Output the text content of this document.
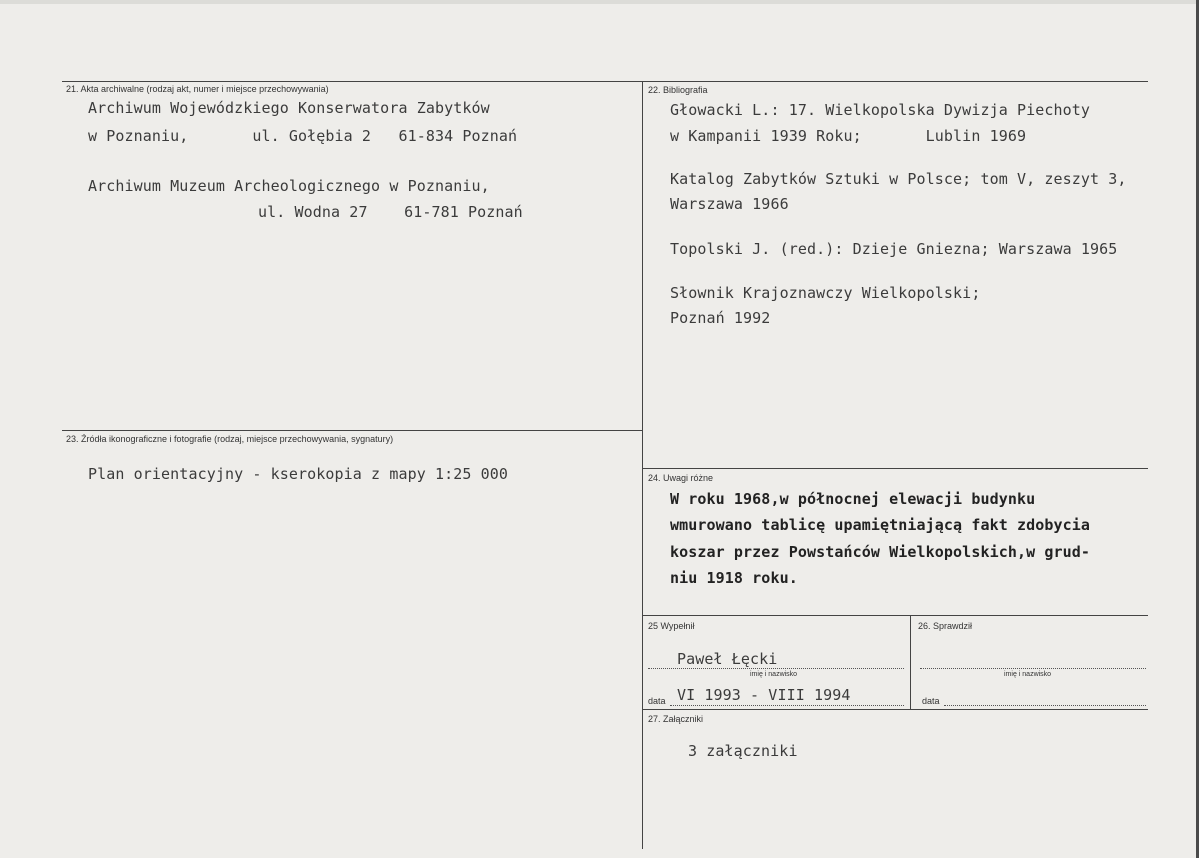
21. Akta archiwalne (rodzaj akt, numer i miejsce przechowywania)
Archiwum Wojewódzkiego Konserwatora Zabytków
w Poznaniu,       ul. Gołębia 2   61-834 Poznań
Archiwum Muzeum Archeologicznego w Poznaniu,
ul. Wodna 27    61-781 Poznań
22. Bibliografia
Głowacki L.: 17. Wielkopolska Dywizja Piechoty
w Kampanii 1939 Roku;       Lublin 1969
Katalog Zabytków Sztuki w Polsce; tom V, zeszyt 3,
Warszawa 1966
Topolski J. (red.): Dzieje Gniezna; Warszawa 1965
Słownik Krajoznawczy Wielkopolski;
Poznań 1992
23. Źródła ikonograficzne i fotografie (rodzaj, miejsce przechowywania, sygnatury)
Plan orientacyjny - kserokopia z mapy 1:25 000	24. Uwagi różne
W roku 1968,w północnej elewacji budynku
wmurowano tablicę upamiętniającą fakt zdobycia
koszar przez Powstańców Wielkopolskich,w grud-
niu 1918 roku.
25 Wypełnił
Paweł Łęcki
imię i nazwisko
data VI 1993 - VIII 1994
26. Sprawdził
imię i nazwisko
data
27. Załączniki
3 załączniki
